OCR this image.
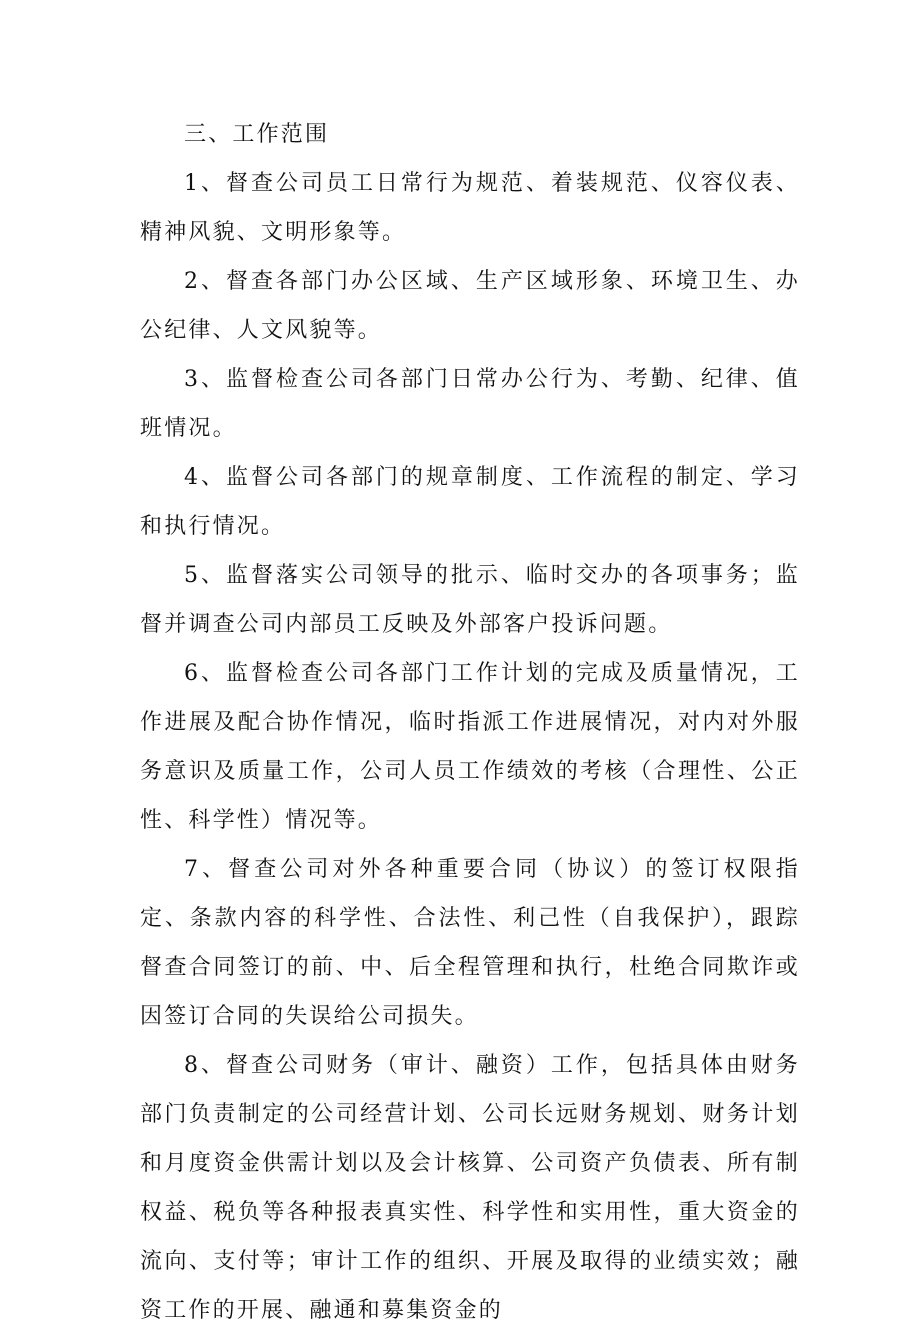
三、工作范围

1、督查公司员工日常行为规范、着装规范、仪容仪表、精神风貌、文明形象等。

2、督查各部门办公区域、生产区域形象、环境卫生、办公纪律、人文风貌等。

3、监督检查公司各部门日常办公行为、考勤、纪律、值班情况。

4、监督公司各部门的规章制度、工作流程的制定、学习和执行情况。

5、监督落实公司领导的批示、临时交办的各项事务；监督并调查公司内部员工反映及外部客户投诉问题。

6、监督检查公司各部门工作计划的完成及质量情况，工作进展及配合协作情况，临时指派工作进展情况，对内对外服务意识及质量工作，公司人员工作绩效的考核（合理性、公正性、科学性）情况等。

7、督查公司对外各种重要合同（协议）的签订权限指定、条款内容的科学性、合法性、利己性（自我保护），跟踪督查合同签订的前、中、后全程管理和执行，杜绝合同欺诈或因签订合同的失误给公司损失。

8、督查公司财务（审计、融资）工作，包括具体由财务部门负责制定的公司经营计划、公司长远财务规划、财务计划和月度资金供需计划以及会计核算、公司资产负债表、所有制权益、税负等各种报表真实性、科学性和实用性，重大资金的流向、支付等；审计工作的组织、开展及取得的业绩实效；融资工作的开展、融通和募集资金的
